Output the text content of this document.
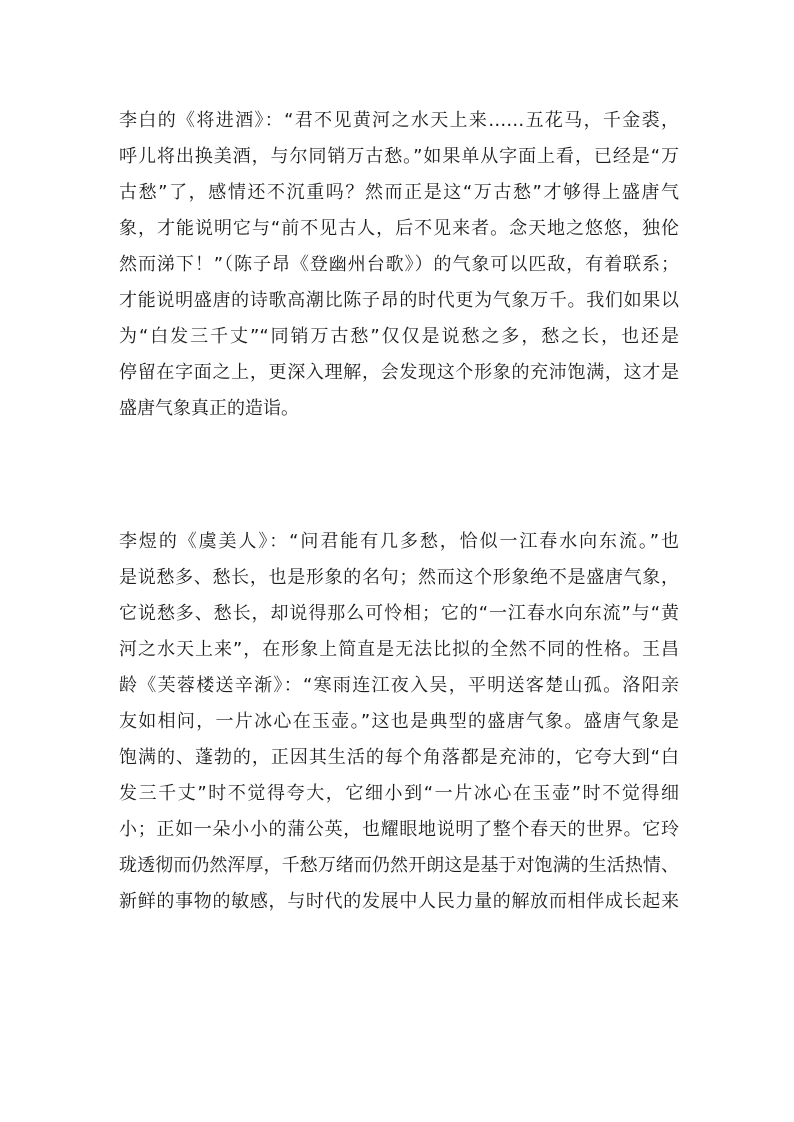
李白的《将进酒》：“君不见黄河之水天上来……五花马，千金裘，
呼儿将出换美酒，与尔同销万古愁。”如果单从字面上看，已经是“万
古愁”了，感情还不沉重吗？然而正是这“万古愁”才够得上盛唐气
象，才能说明它与“前不见古人，后不见来者。念天地之悠悠，独伦
然而涕下！”（陈子昂《登幽州台歌》）的气象可以匹敌，有着联系；
才能说明盛唐的诗歌高潮比陈子昂的时代更为气象万千。我们如果以
为“白发三千丈”“同销万古愁”仅仅是说愁之多，愁之长，也还是
停留在字面之上，更深入理解，会发现这个形象的充沛饱满，这才是
盛唐气象真正的造诣。
李煜的《虞美人》：“问君能有几多愁，恰似一江春水向东流。”也
是说愁多、愁长，也是形象的名句；然而这个形象绝不是盛唐气象，
它说愁多、愁长，却说得那么可怜相；它的“一江春水向东流”与“黄
河之水天上来”，在形象上简直是无法比拟的全然不同的性格。王昌
龄《芙蓉楼送辛渐》：“寒雨连江夜入吴，平明送客楚山孤。洛阳亲
友如相问，一片冰心在玉壶。”这也是典型的盛唐气象。盛唐气象是
饱满的、蓬勃的，正因其生活的每个角落都是充沛的，它夸大到“白
发三千丈”时不觉得夸大，它细小到“一片冰心在玉壶”时不觉得细
小；正如一朵小小的蒲公英，也耀眼地说明了整个春天的世界。它玲
珑透彻而仍然浑厚，千愁万绪而仍然开朗这是基于对饱满的生活热情、
新鲜的事物的敏感，与时代的发展中人民力量的解放而相伴成长起来
